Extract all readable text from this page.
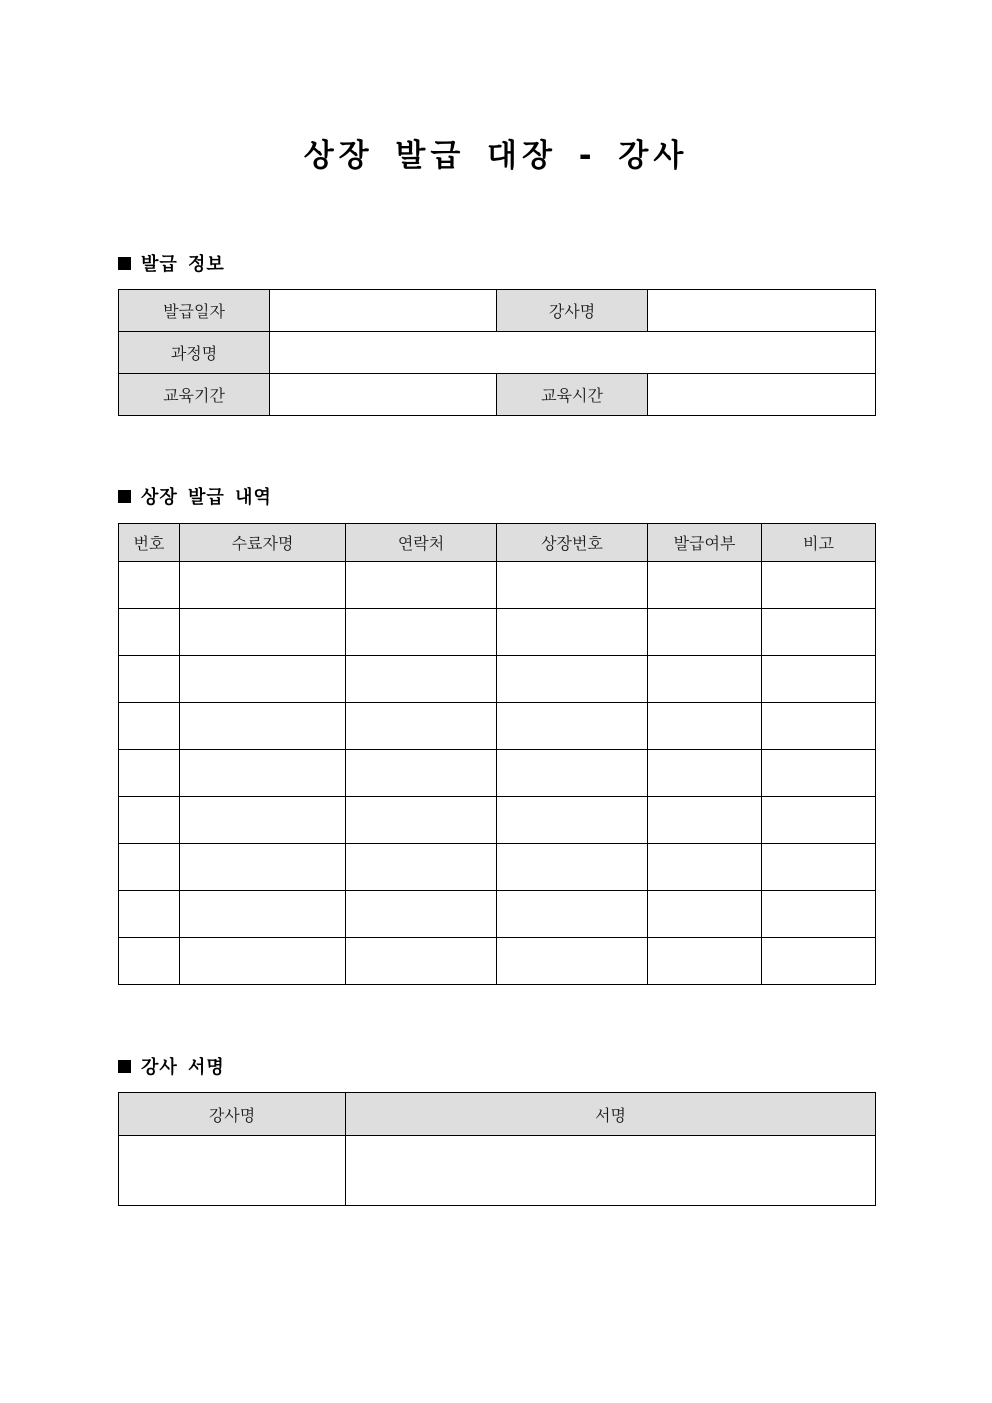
상장 발급 대장 - 강사
발급 정보
발급일자		강사명	
과정명			
교육기간		교육시간	
상장 발급 내역
번호	수료자명	연락처	상장번호	발급여부	비고

강사 서명
강사명	서명
